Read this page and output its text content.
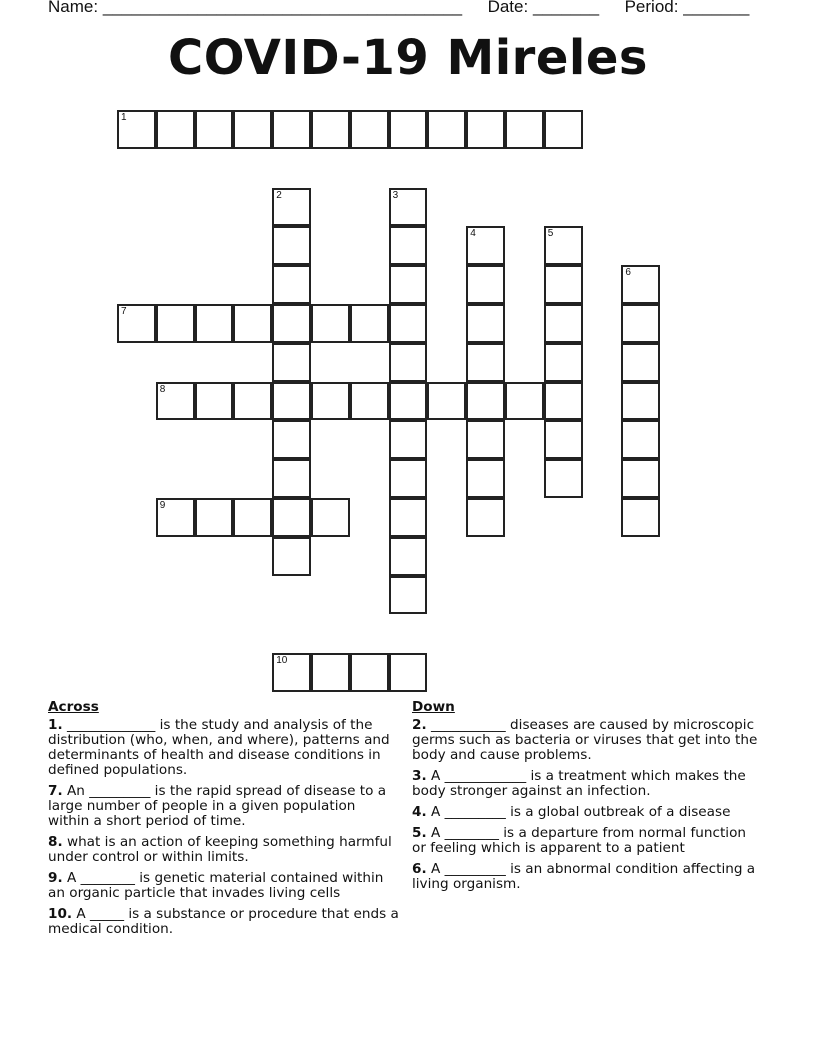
Name: ______________________________________ Date: _______ Period: _______
COVID-19 Mireles
1
2	3
4	5
6
7
8
9
10
Across
1. _____________ is the study and analysis of the distribution (who, when, and where), patterns and determinants of health and disease conditions in defined populations.
7. An _________ is the rapid spread of disease to a large number of people in a given population within a short period of time.
8. what is an action of keeping something harmful under control or within limits.
9. A ________ is genetic material contained within an organic particle that invades living cells
10. A _____ is a substance or procedure that ends a medical condition.
Down
2. ___________ diseases are caused by microscopic germs such as bacteria or viruses that get into the body and cause problems.
3. A ____________ is a treatment which makes the body stronger against an infection.
4. A _________ is a global outbreak of a disease
5. A ________ is a departure from normal function or feeling which is apparent to a patient
6. A _________ is an abnormal condition affecting a living organism.
